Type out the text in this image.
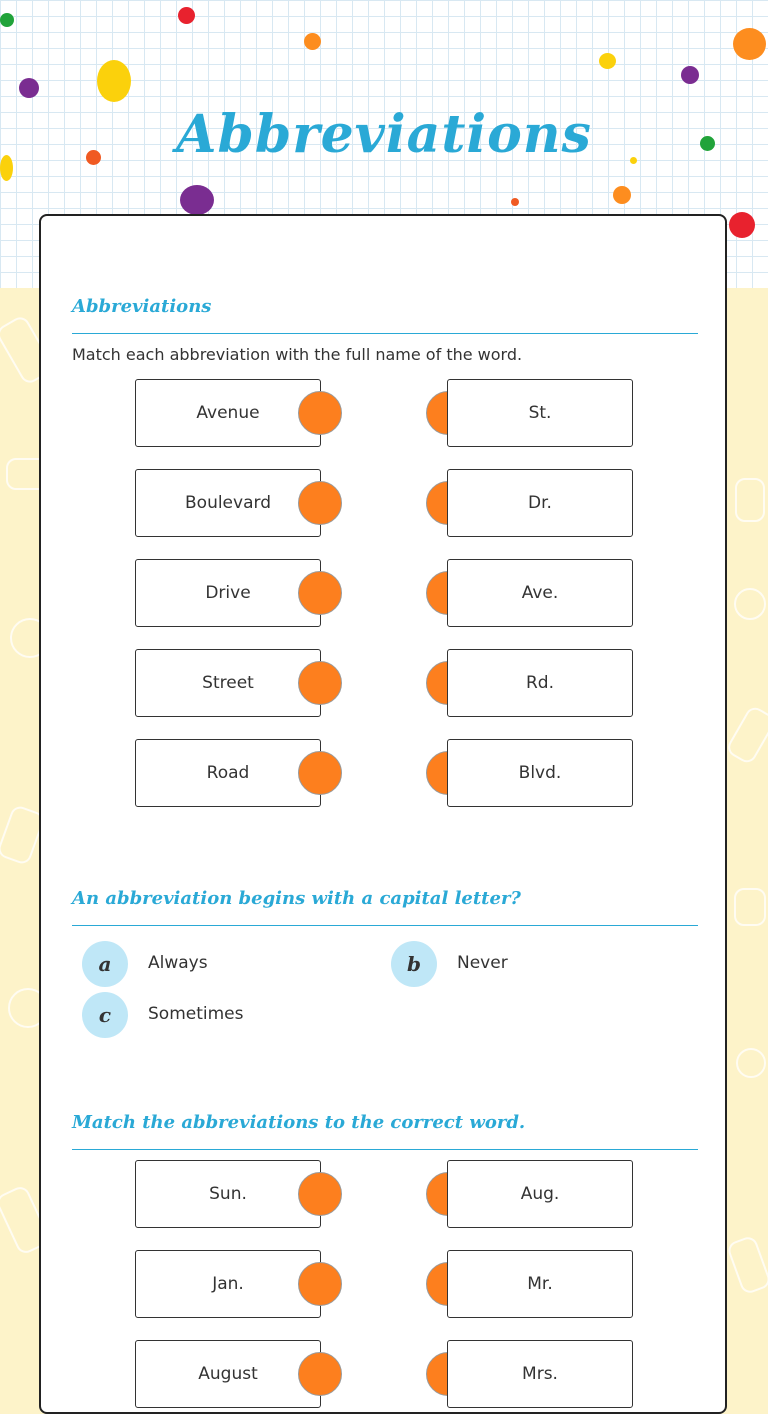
Abbreviations
Abbreviations
Match each abbreviation with the full name of the word.
Avenue	St.
Boulevard	Dr.
Drive	Ave.
Street	Rd.
Road	Blvd.
An abbreviation begins with a capital letter?
a	Always	b	Never
c	Sometimes
Match the abbreviations to the correct word.
Sun.	Aug.
Jan.	Mr.
August	Mrs.
